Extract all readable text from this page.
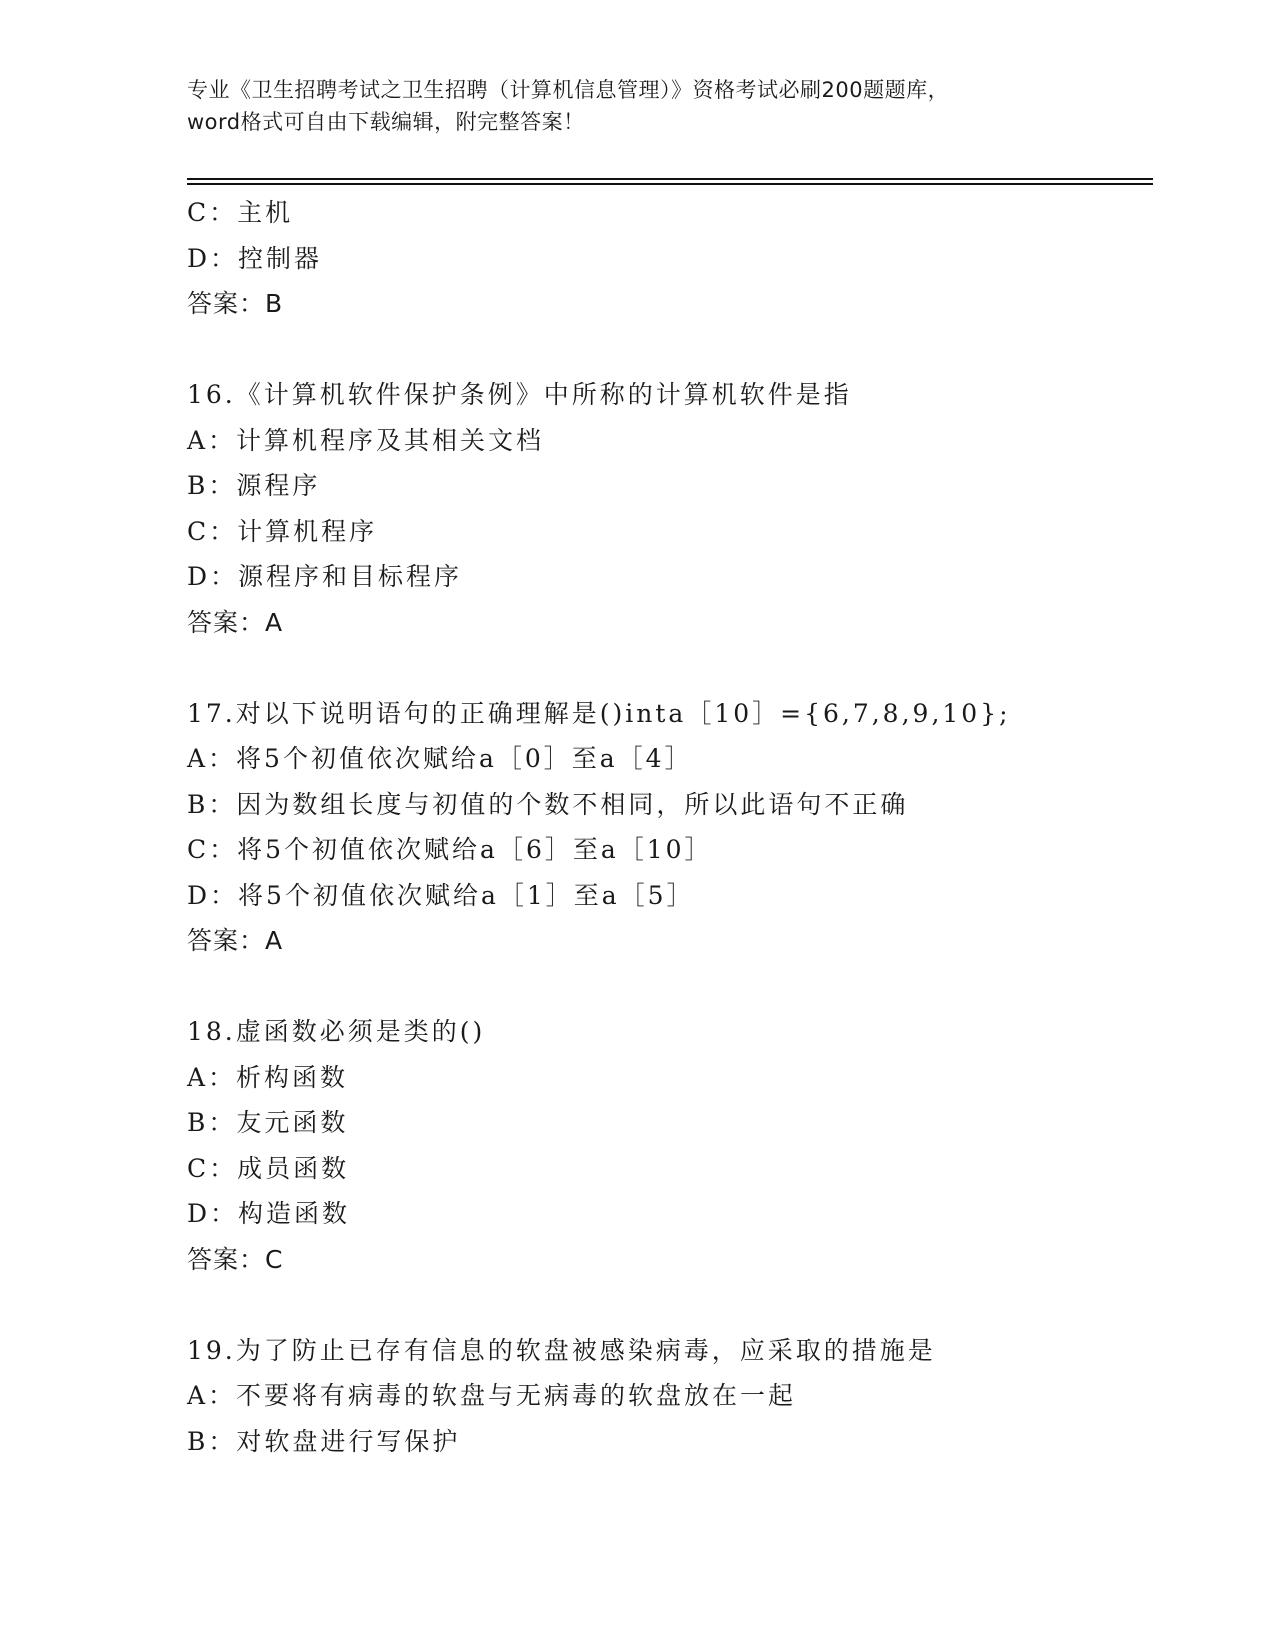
专业《卫生招聘考试之卫生招聘（计算机信息管理）》资格考试必刷200题题库，
word格式可自由下载编辑，附完整答案！
C：主机
D：控制器
答案：B
16.《计算机软件保护条例》中所称的计算机软件是指
A：计算机程序及其相关文档
B：源程序
C：计算机程序
D：源程序和目标程序
答案：A
17.对以下说明语句的正确理解是()inta［10］={6,7,8,9,10};
A：将5个初值依次赋给a［0］至a［4］
B：因为数组长度与初值的个数不相同，所以此语句不正确
C：将5个初值依次赋给a［6］至a［10］
D：将5个初值依次赋给a［1］至a［5］
答案：A
18.虚函数必须是类的()
A：析构函数
B：友元函数
C：成员函数
D：构造函数
答案：C
19.为了防止已存有信息的软盘被感染病毒，应采取的措施是
A：不要将有病毒的软盘与无病毒的软盘放在一起
B：对软盘进行写保护
